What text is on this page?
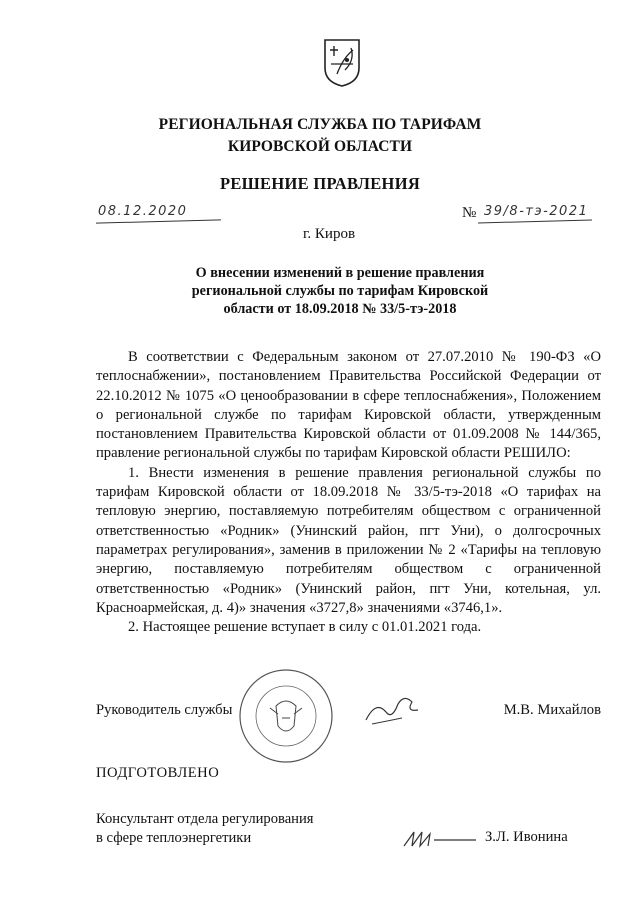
РЕГИОНАЛЬНАЯ СЛУЖБА ПО ТАРИФАМ
КИРОВСКОЙ ОБЛАСТИ
РЕШЕНИЕ ПРАВЛЕНИЯ
08.12.2020	№ 39/8-тэ-2021
г. Киров
О внесении изменений в решение правления
региональной службы по тарифам Кировской
области от 18.09.2018 № 33/5-тэ-2018

В соответствии с Федеральным законом от 27.07.2010 № 190-ФЗ «О теплоснабжении», постановлением Правительства Российской Федерации от 22.10.2012 № 1075 «О ценообразовании в сфере теплоснабжения», Положением о региональной службе по тарифам Кировской области, утвержденным постановлением Правительства Кировской области от 01.09.2008 № 144/365, правление региональной службы по тарифам Кировской области РЕШИЛО:

1. Внести изменения в решение правления региональной службы по тарифам Кировской области от 18.09.2018 № 33/5-тэ-2018 «О тарифах на тепловую энергию, поставляемую потребителям обществом с ограниченной ответственностью «Родник» (Унинский район, пгт Уни), о долгосрочных параметрах регулирования», заменив в приложении № 2 «Тарифы на тепловую энергию, поставляемую потребителям обществом с ограниченной ответственностью «Родник» (Унинский район, пгт Уни, котельная, ул. Красноармейская, д. 4)» значения «3727,8» значениями «3746,1».

2. Настоящее решение вступает в силу с 01.01.2021 года.

Руководитель службы	М.В. Михайлов
ПОДГОТОВЛЕНО
Консультант отдела регулирования
в сфере теплоэнергетики	З.Л. Ивонина
